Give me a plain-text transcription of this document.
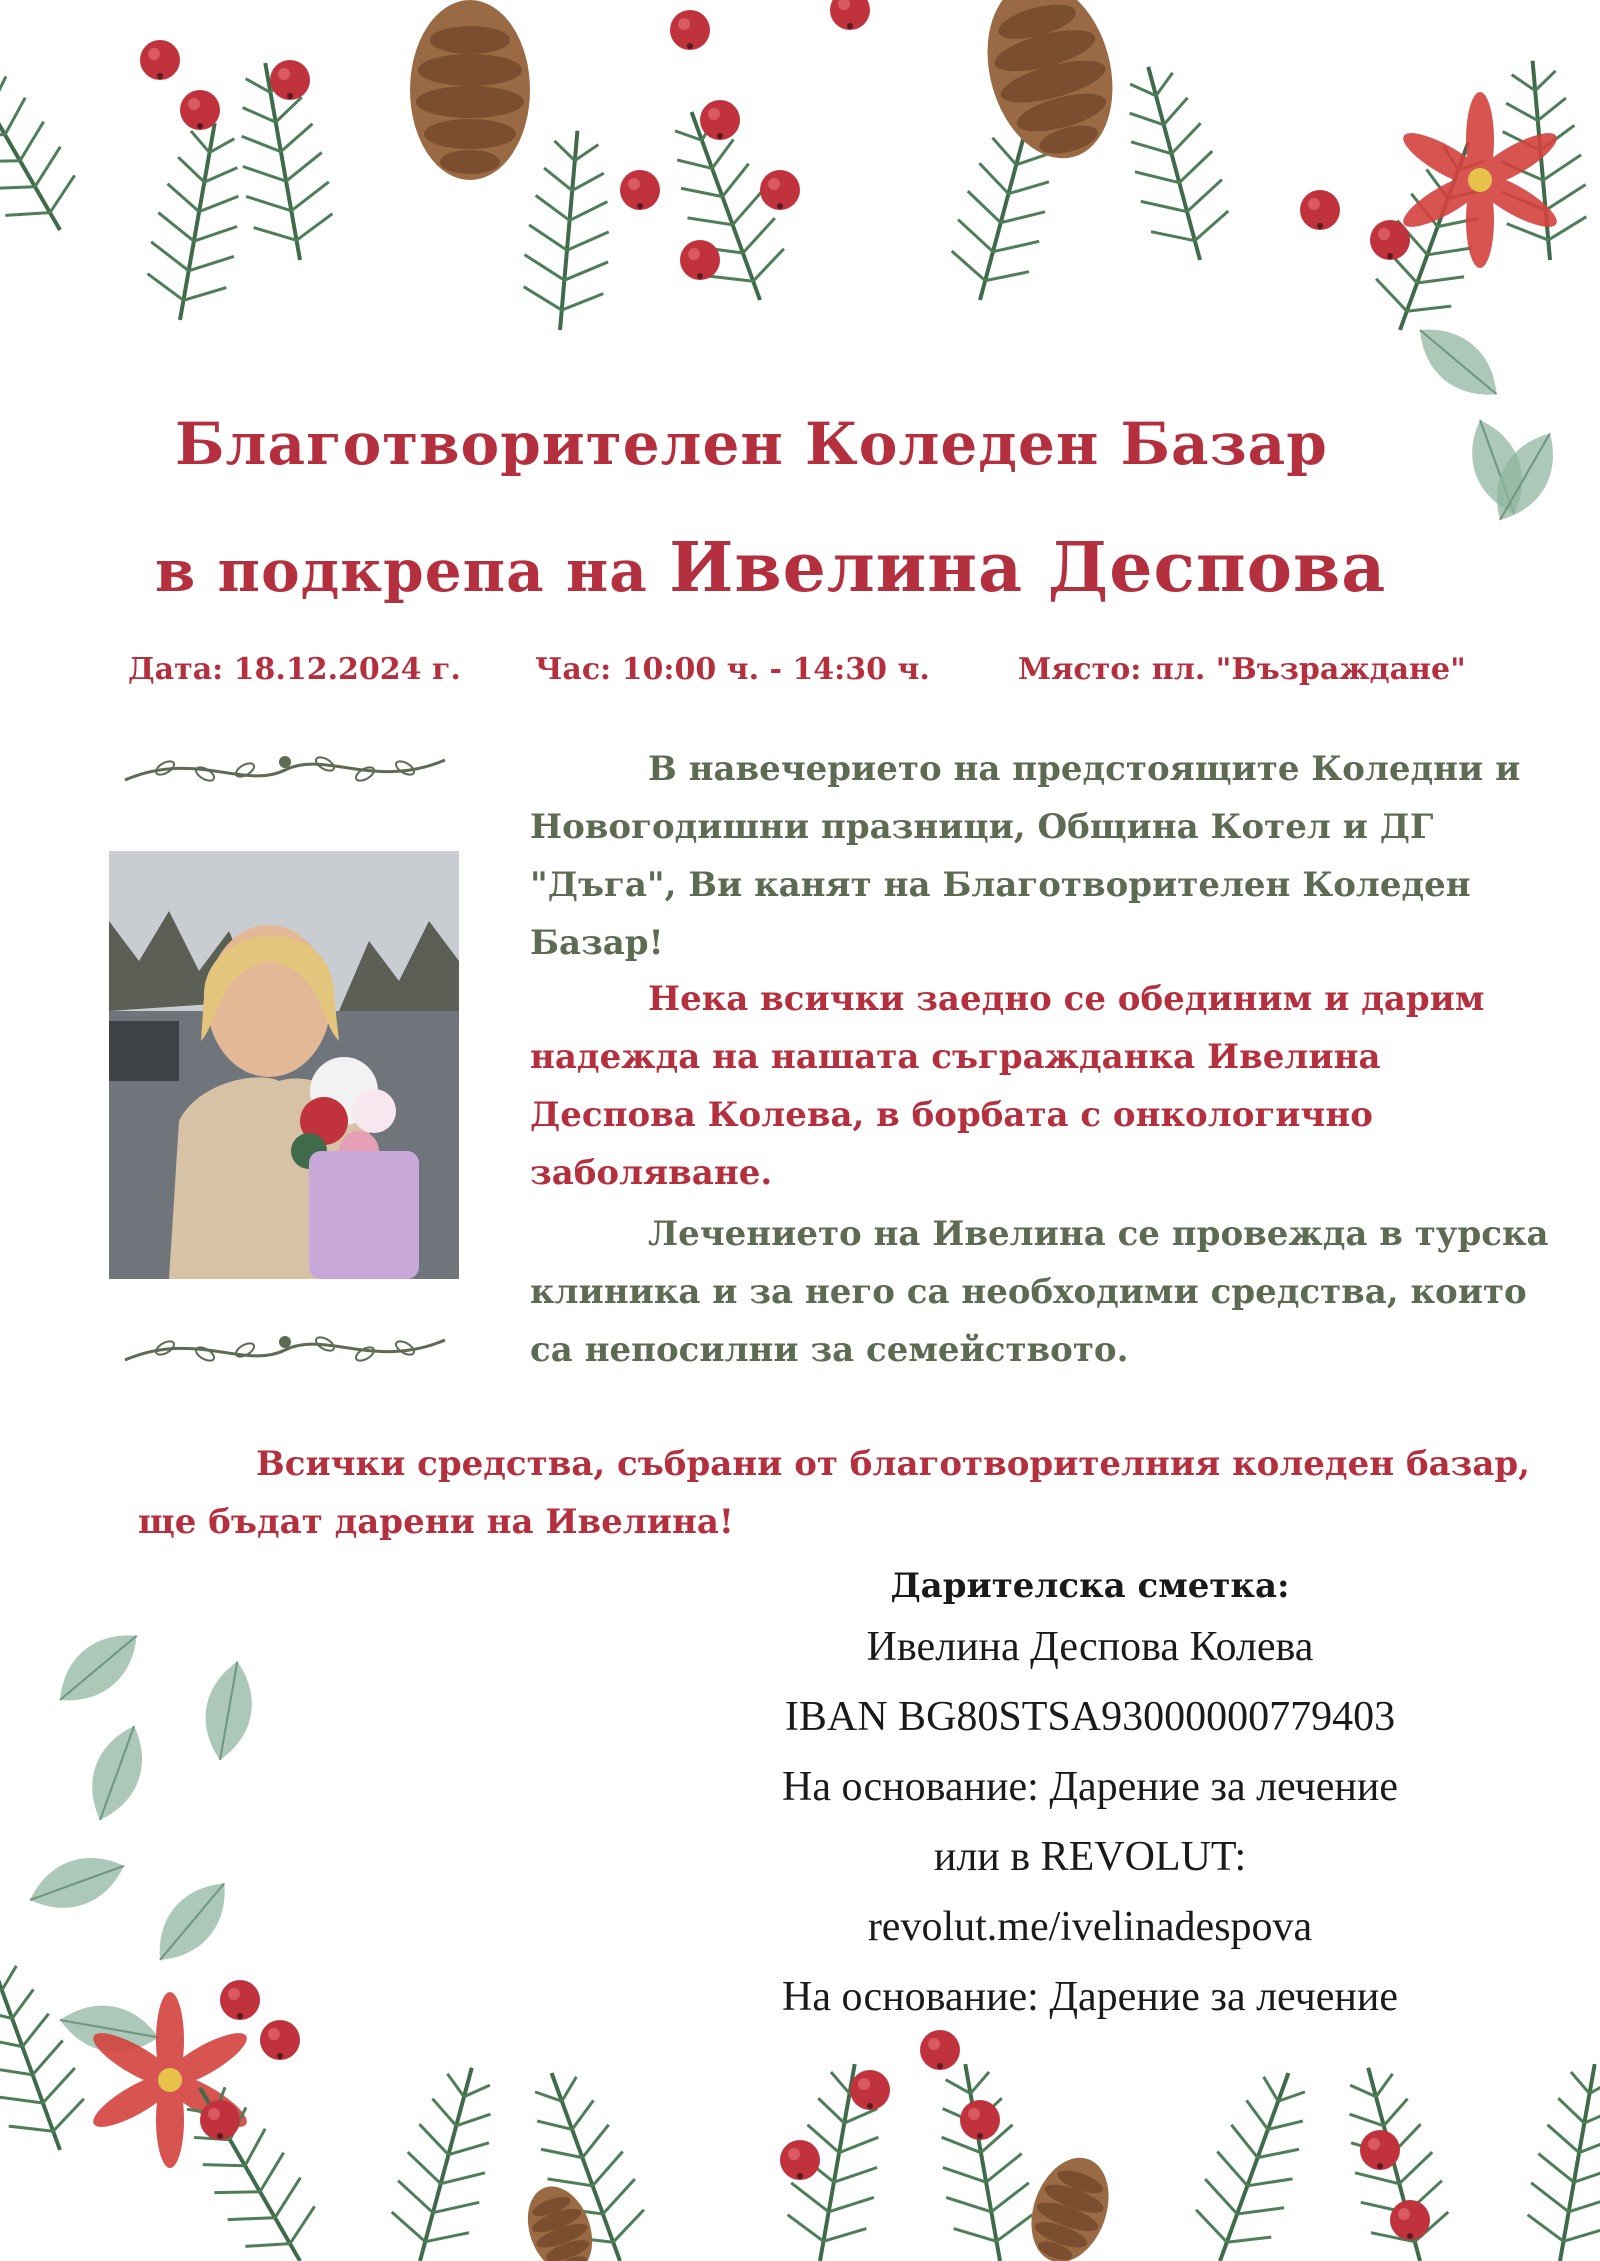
Благотворителен Коледен Базар
в подкрепа на Ивелина Деспова
Дата: 18.12.2024 г. Час: 10:00 ч. - 14:30 ч.	Място: пл. "Възраждане"
В навечерието на предстоящите Коледни и Новогодишни празници, Община Котел и ДГ "Дъга", Ви канят на Благотворителен Коледен Базар!
Нека всички заедно се обединим и дарим надежда на нашата съгражданка Ивелина Деспова Колева, в борбата с онкологично заболяване.
Лечението на Ивелина се провежда в турска клиника и за него са необходими средства, които са непосилни за семейството.
Всички средства, събрани от благотворителния коледен базар, ще бъдат дарени на Ивелина!
Дарителска сметка:
Ивелина Деспова Колева
IBAN BG80STSA93000000779403
На основание: Дарение за лечение
или в REVOLUT:
revolut.me/ivelinadespova
На основание: Дарение за лечение
